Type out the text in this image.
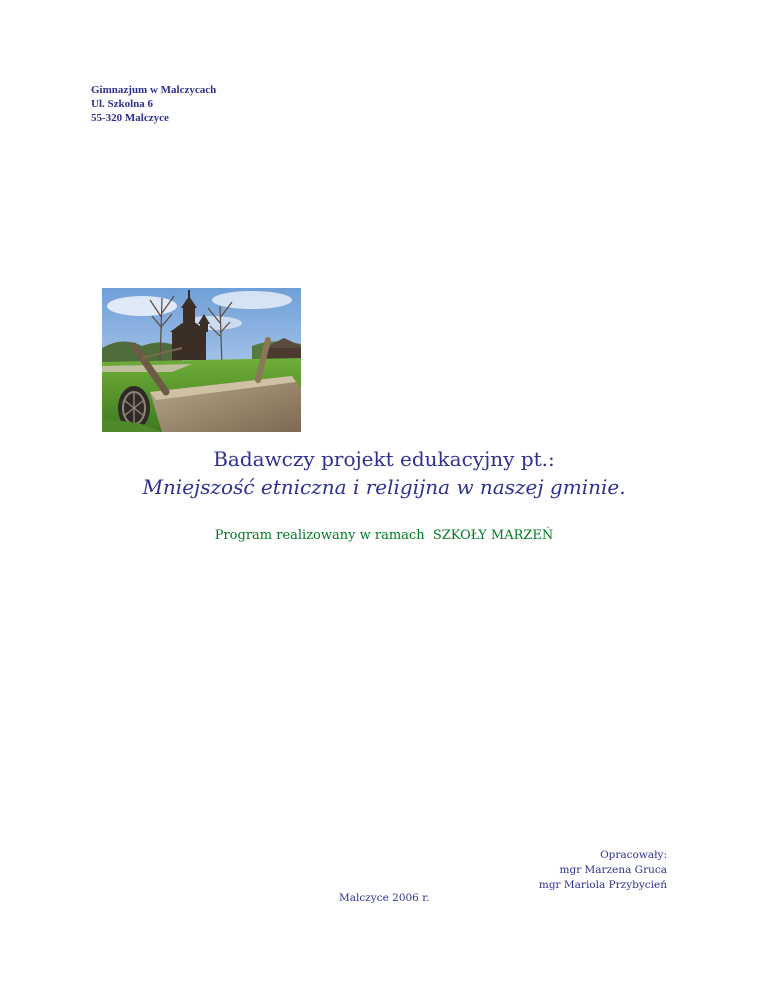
Gimnazjum w Malczycach
Ul. Szkolna 6
55-320 Malczyce
Badawczy projekt edukacyjny pt.:
Mniejszość etniczna i religijna w naszej gminie.
Program realizowany w ramach  SZKOŁY MARZEŃ
Opracowały:
mgr Marzena Gruca
mgr Mariola Przybycień
Malczyce 2006 r.
